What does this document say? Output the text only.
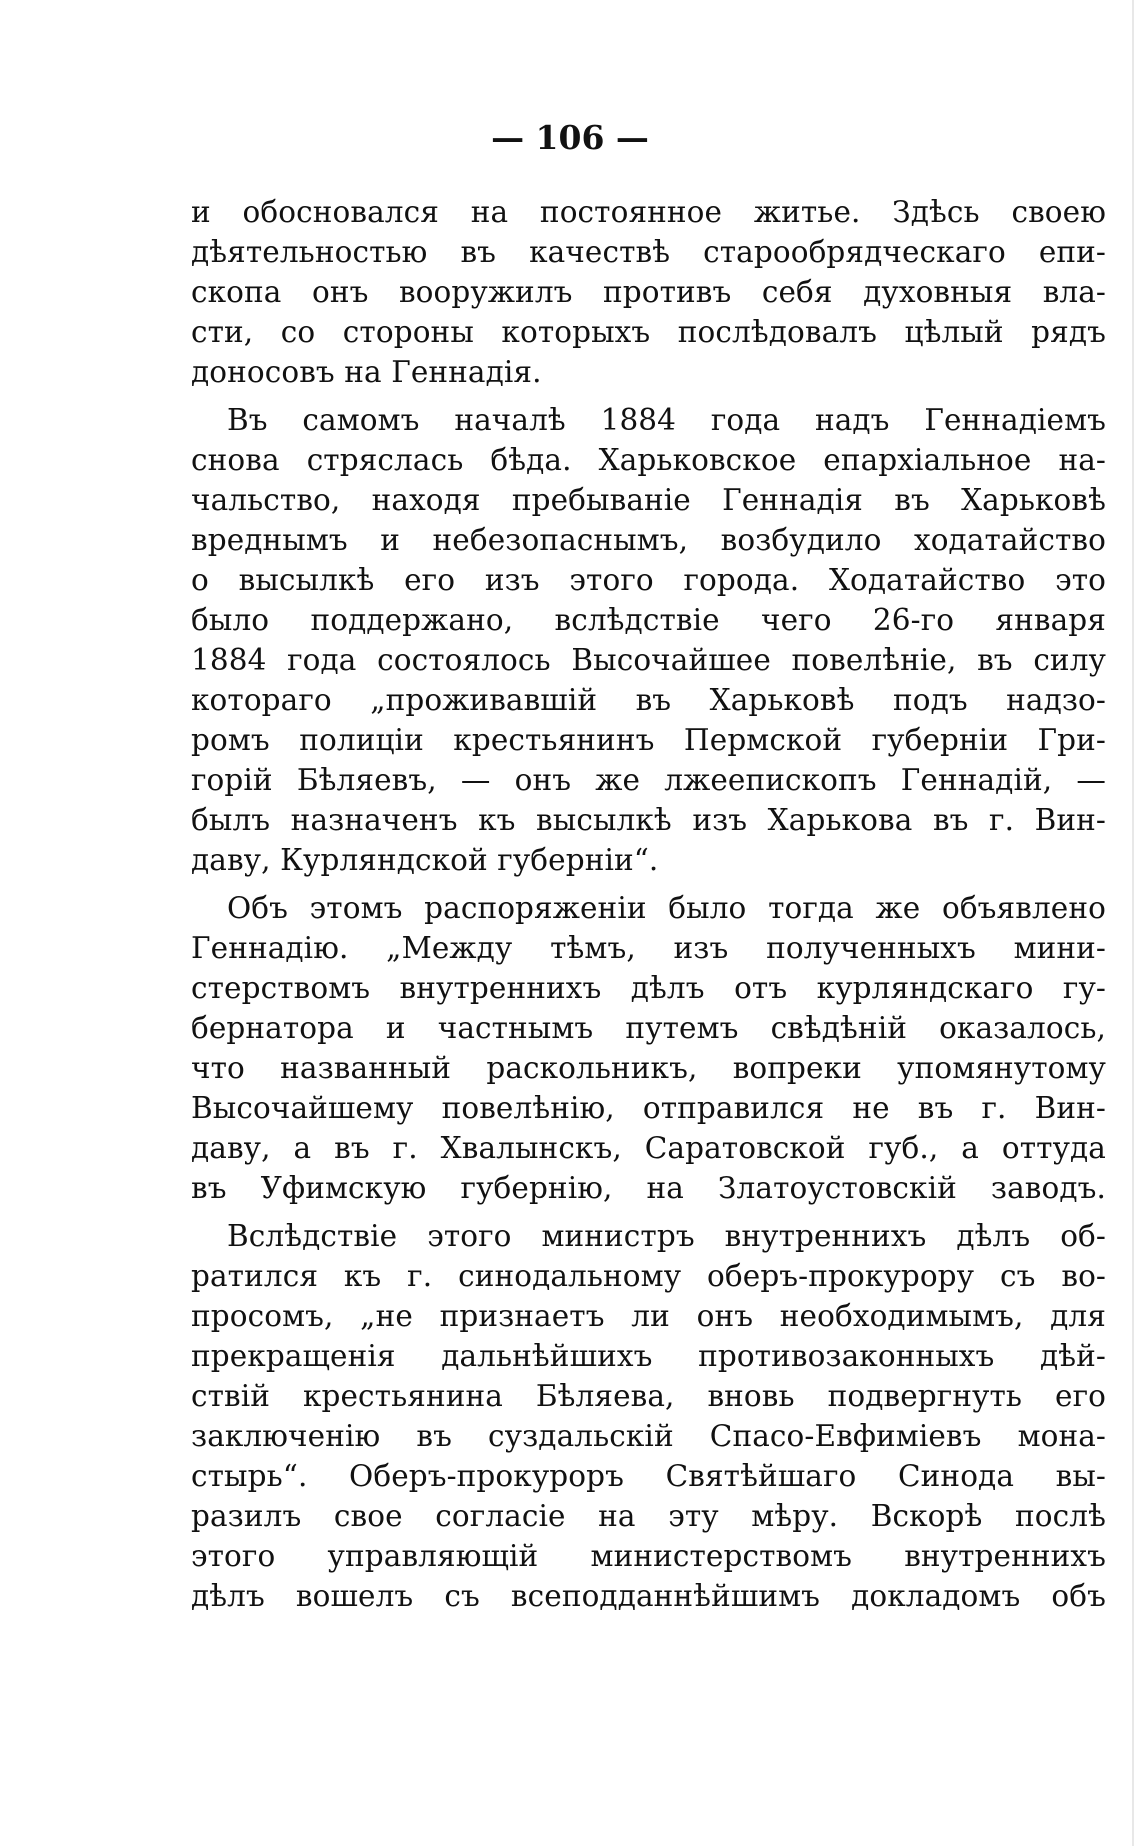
— 106 —
и обосновался на постоянное житье. Здѣсь своею
дѣятельностью въ качествѣ старообрядческаго епи-
скопа онъ вооружилъ противъ себя духовныя вла-
сти, со стороны которыхъ послѣдовалъ цѣлый рядъ
доносовъ на Геннадія.
Въ самомъ началѣ 1884 года надъ Геннадіемъ
снова стряслась бѣда. Харьковское епархіальное на-
чальство, находя пребываніе Геннадія въ Харьковѣ
вреднымъ и небезопаснымъ, возбудило ходатайство
о высылкѣ его изъ этого города. Ходатайство это
было поддержано, вслѣдствіе чего 26-го января
1884 года состоялось Высочайшее повелѣніе, въ силу
котораго „проживавшій въ Харьковѣ подъ надзо-
ромъ полиціи крестьянинъ Пермской губерніи Гри-
горій Бѣляевъ, — онъ же лжеепископъ Геннадій, —
былъ назначенъ къ высылкѣ изъ Харькова въ г. Вин-
даву, Курляндской губерніи“.
Объ этомъ распоряженіи было тогда же объявлено
Геннадію. „Между тѣмъ, изъ полученныхъ мини-
стерствомъ внутреннихъ дѣлъ отъ курляндскаго гу-
бернатора и частнымъ путемъ свѣдѣній оказалось,
что названный раскольникъ, вопреки упомянутому
Высочайшему повелѣнію, отправился не въ г. Вин-
даву, а въ г. Хвалынскъ, Саратовской губ., а оттуда
въ Уфимскую губернію, на Златоустовскій заводъ.
Вслѣдствіе этого министръ внутреннихъ дѣлъ об-
ратился къ г. синодальному оберъ-прокурору съ во-
просомъ, „не признаетъ ли онъ необходимымъ, для
прекращенія дальнѣйшихъ противозаконныхъ дѣй-
ствій крестьянина Бѣляева, вновь подвергнуть его
заключенію въ суздальскій Спасо-Евфиміевъ мона-
стырь“. Оберъ-прокуроръ Святѣйшаго Синода вы-
разилъ свое согласіе на эту мѣру. Вскорѣ послѣ
этого управляющій министерствомъ внутреннихъ
дѣлъ вошелъ съ всеподданнѣйшимъ докладомъ объ
